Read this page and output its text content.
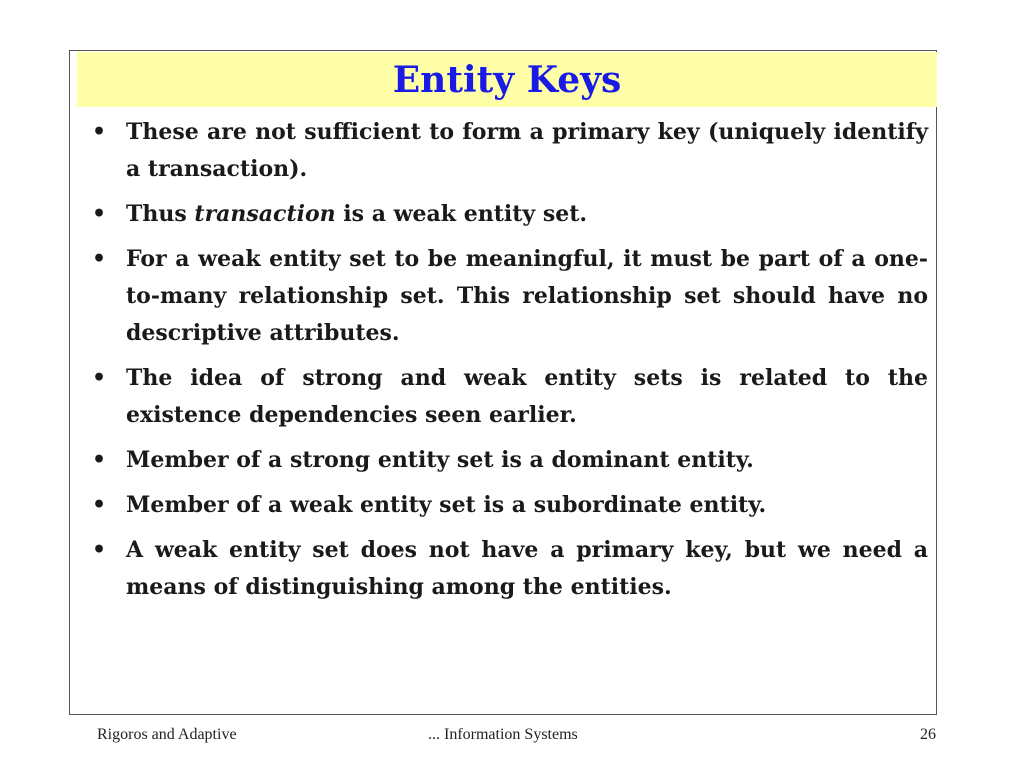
Entity Keys
• These are not sufficient to form a primary key (uniquely identify a transaction).
• Thus transaction is a weak entity set.
• For a weak entity set to be meaningful, it must be part of a one-to-many relationship set. This relationship set should have no descriptive attributes.
• The idea of strong and weak entity sets is related to the existence dependencies seen earlier.
• Member of a strong entity set is a dominant entity.
• Member of a weak entity set is a subordinate entity.
• A weak entity set does not have a primary key, but we need a means of distinguishing among the entities.
Rigoros and Adaptive	... Information Systems	26
